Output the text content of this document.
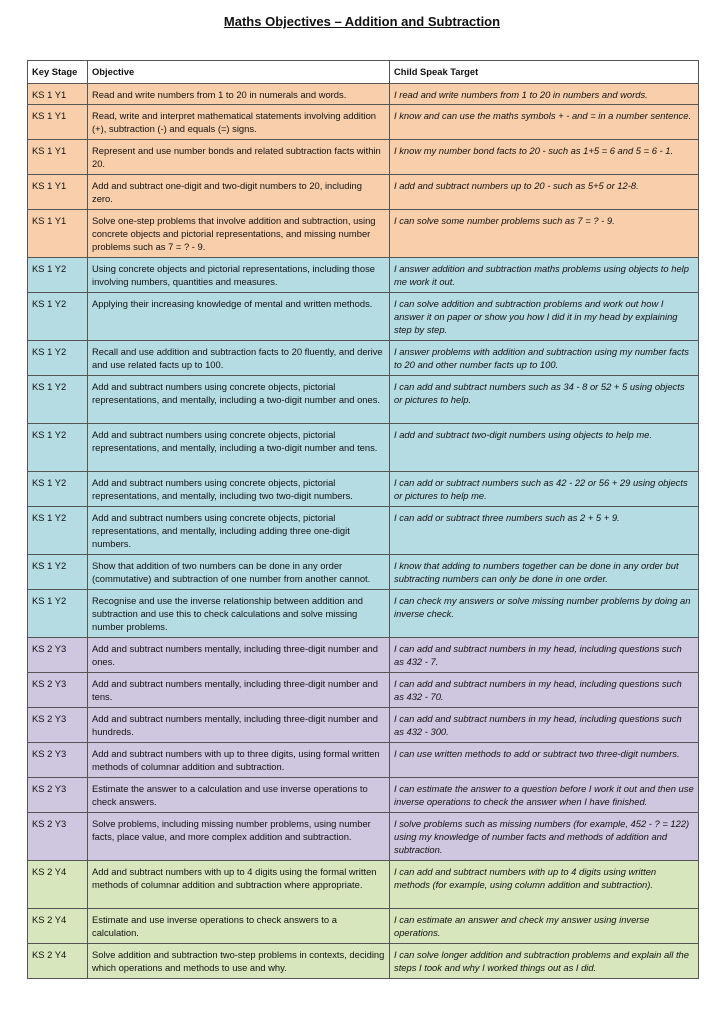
Maths Objectives – Addition and Subtraction
Key Stage	Objective	Child Speak Target
KS 1 Y1	Read and write numbers from 1 to 20 in numerals and words.	I read and write numbers from 1 to 20 in numbers and words.
KS 1 Y1	Read, write and interpret mathematical statements involving addition (+), subtraction (-) and equals (=) signs.	I know and can use the maths symbols + - and = in a number sentence.
KS 1 Y1	Represent and use number bonds and related subtraction facts within 20.	I know my number bond facts to 20 - such as 1+5 = 6 and 5 = 6 - 1.
KS 1 Y1	Add and subtract one-digit and two-digit numbers to 20, including zero.	I add and subtract numbers up to 20 - such as 5+5 or 12-8.
KS 1 Y1	Solve one-step problems that involve addition and subtraction, using concrete objects and pictorial representations, and missing number problems such as 7 = ? - 9.	I can solve some number problems such as 7 = ? - 9.
KS 1 Y2	Using concrete objects and pictorial representations, including those involving numbers, quantities and measures.	I answer addition and subtraction maths problems using objects to help me work it out.
KS 1 Y2	Applying their increasing knowledge of mental and written methods.	I can solve addition and subtraction problems and work out how I answer it on paper or show you how I did it in my head by explaining step by step.
KS 1 Y2	Recall and use addition and subtraction facts to 20 fluently, and derive and use related facts up to 100.	I answer problems with addition and subtraction using my number facts to 20 and other number facts up to 100.
KS 1 Y2	Add and subtract numbers using concrete objects, pictorial representations, and mentally, including a two-digit number and ones.	I can add and subtract numbers such as 34 - 8 or 52 + 5 using objects or pictures to help.
KS 1 Y2	Add and subtract numbers using concrete objects, pictorial representations, and mentally, including a two-digit number and tens.	I add and subtract two-digit numbers using objects to help me.
KS 1 Y2	Add and subtract numbers using concrete objects, pictorial representations, and mentally, including two two-digit numbers.	I can add or subtract numbers such as 42 - 22 or 56 + 29 using objects or pictures to help me.
KS 1 Y2	Add and subtract numbers using concrete objects, pictorial representations, and mentally, including adding three one-digit numbers.	I can add or subtract three numbers such as 2 + 5 + 9.
KS 1 Y2	Show that addition of two numbers can be done in any order (commutative) and subtraction of one number from another cannot.	I know that adding to numbers together can be done in any order but subtracting numbers can only be done in one order.
KS 1 Y2	Recognise and use the inverse relationship between addition and subtraction and use this to check calculations and solve missing number problems.	I can check my answers or solve missing number problems by doing an inverse check.
KS 2 Y3	Add and subtract numbers mentally, including three-digit number and ones.	I can add and subtract numbers in my head, including questions such as 432 - 7.
KS 2 Y3	Add and subtract numbers mentally, including three-digit number and tens.	I can add and subtract numbers in my head, including questions such as 432 - 70.
KS 2 Y3	Add and subtract numbers mentally, including three-digit number and hundreds.	I can add and subtract numbers in my head, including questions such as 432 - 300.
KS 2 Y3	Add and subtract numbers with up to three digits, using formal written methods of columnar addition and subtraction.	I can use written methods to add or subtract two three-digit numbers.
KS 2 Y3	Estimate the answer to a calculation and use inverse operations to check answers.	I can estimate the answer to a question before I work it out and then use inverse operations to check the answer when I have finished.
KS 2 Y3	Solve problems, including missing number problems, using number facts, place value, and more complex addition and subtraction.	I solve problems such as missing numbers (for example, 452 - ? = 122) using my knowledge of number facts and methods of addition and subtraction.
KS 2 Y4	Add and subtract numbers with up to 4 digits using the formal written methods of columnar addition and subtraction where appropriate.	I can add and subtract numbers with up to 4 digits using written methods (for example, using column addition and subtraction).
KS 2 Y4	Estimate and use inverse operations to check answers to a calculation.	I can estimate an answer and check my answer using inverse operations.
KS 2 Y4	Solve addition and subtraction two-step problems in contexts, deciding which operations and methods to use and why.	I can solve longer addition and subtraction problems and explain all the steps I took and why I worked things out as I did.
